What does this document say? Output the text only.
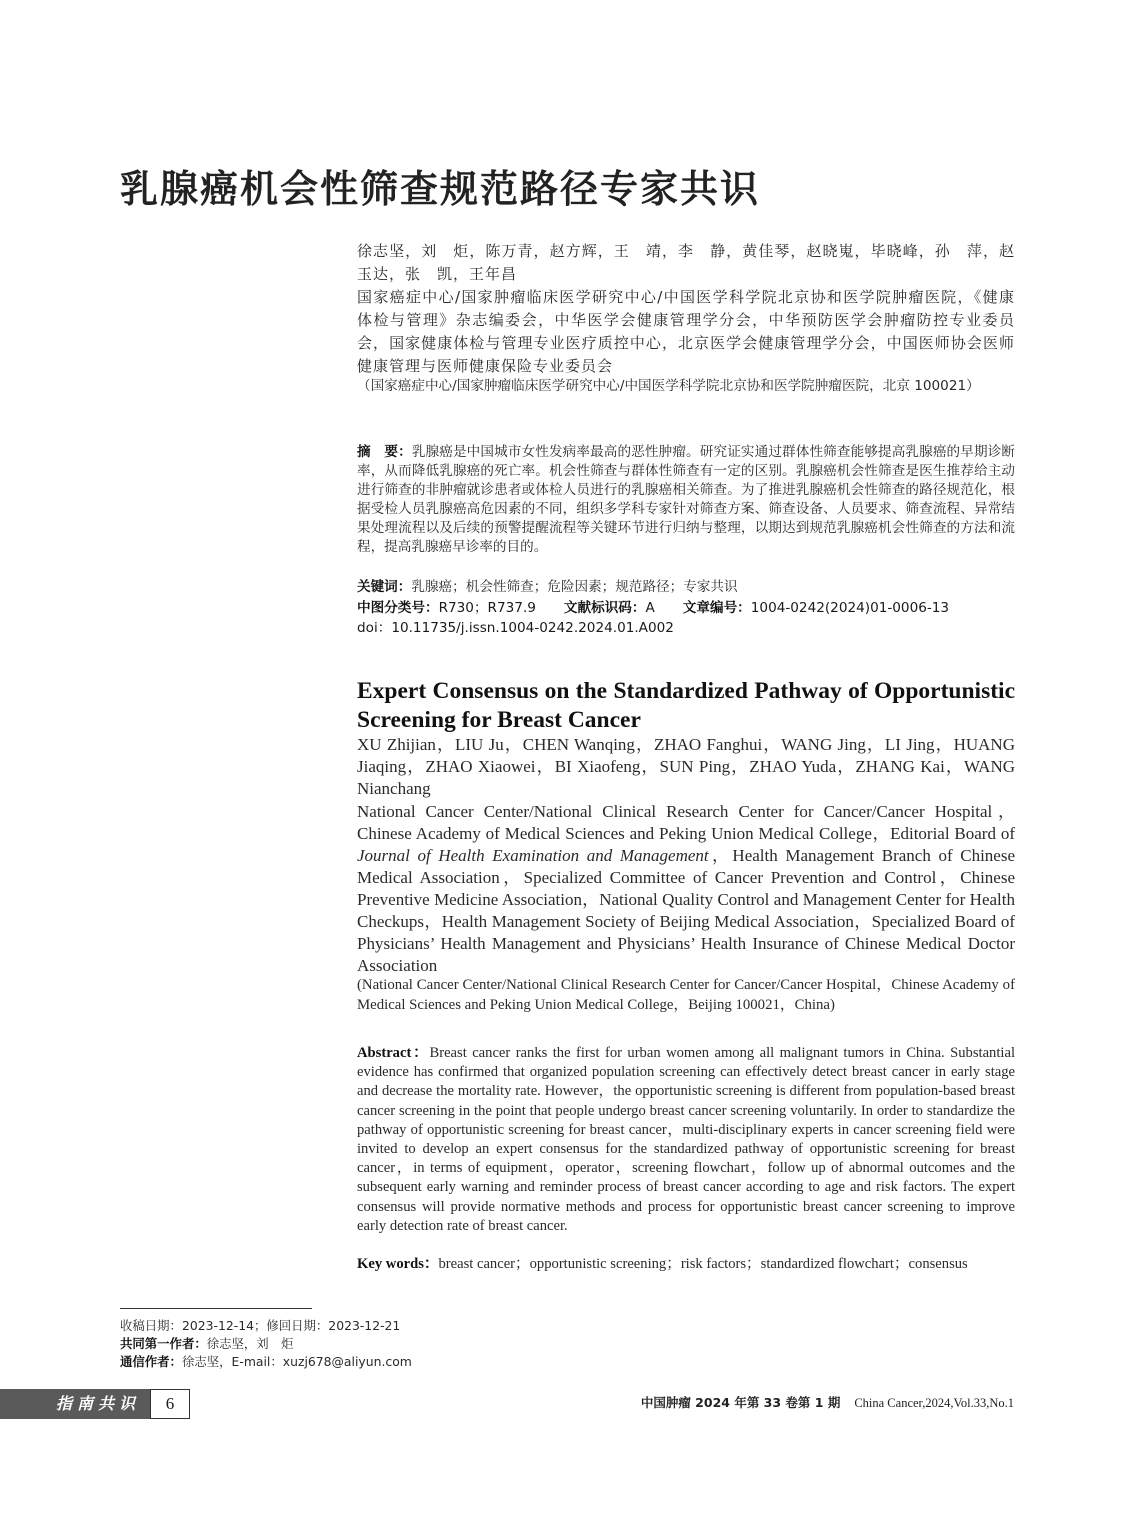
乳腺癌机会性筛查规范路径专家共识
徐志坚，刘　炬，陈万青，赵方辉，王　靖，李　静，黄佳琴，赵晓嵬，毕晓峰，孙　萍，赵玉达，张　凯，王年昌
国家癌症中心/国家肿瘤临床医学研究中心/中国医学科学院北京协和医学院肿瘤医院，《健康体检与管理》杂志编委会，中华医学会健康管理学分会，中华预防医学会肿瘤防控专业委员会，国家健康体检与管理专业医疗质控中心，北京医学会健康管理学分会，中国医师协会医师健康管理与医师健康保险专业委员会
（国家癌症中心/国家肿瘤临床医学研究中心/中国医学科学院北京协和医学院肿瘤医院，北京 100021）
摘　要：乳腺癌是中国城市女性发病率最高的恶性肿瘤。研究证实通过群体性筛查能够提高乳腺癌的早期诊断率，从而降低乳腺癌的死亡率。机会性筛查与群体性筛查有一定的区别。乳腺癌机会性筛查是医生推荐给主动进行筛查的非肿瘤就诊患者或体检人员进行的乳腺癌相关筛查。为了推进乳腺癌机会性筛查的路径规范化，根据受检人员乳腺癌高危因素的不同，组织多学科专家针对筛查方案、筛查设备、人员要求、筛查流程、异常结果处理流程以及后续的预警提醒流程等关键环节进行归纳与整理，以期达到规范乳腺癌机会性筛查的方法和流程，提高乳腺癌早诊率的目的。
关键词：乳腺癌；机会性筛查；危险因素；规范路径；专家共识
中图分类号：R730；R737.9 文献标识码：A 文章编号：1004-0242(2024)01-0006-13
doi：10.11735/j.issn.1004-0242.2024.01.A002
Expert Consensus on the Standardized Pathway of Opportunistic Screening for Breast Cancer
XU Zhijian，LIU Ju，CHEN Wanqing，ZHAO Fanghui，WANG Jing，LI Jing，HUANG Jiaqing，ZHAO Xiaowei，BI Xiaofeng，SUN Ping，ZHAO Yuda，ZHANG Kai，WANG Nianchang
National Cancer Center/National Clinical Research Center for Cancer/Cancer Hospital，Chinese Academy of Medical Sciences and Peking Union Medical College，Editorial Board of Journal of Health Examination and Management，Health Management Branch of Chinese Medical Association，Specialized Committee of Cancer Prevention and Control，Chinese Preventive Medicine Association，National Quality Control and Management Center for Health Checkups，Health Management Society of Beijing Medical Association，Specialized Board of Physicians’ Health Management and Physicians’ Health Insurance of Chinese Medical Doctor Association
(National Cancer Center/National Clinical Research Center for Cancer/Cancer Hospital，Chinese Academy of Medical Sciences and Peking Union Medical College，Beijing 100021，China)
Abstract：Breast cancer ranks the first for urban women among all malignant tumors in China. Substantial evidence has confirmed that organized population screening can effectively detect breast cancer in early stage and decrease the mortality rate. However，the opportunistic screening is different from population-based breast cancer screening in the point that people undergo breast cancer screening voluntarily. In order to standardize the pathway of opportunistic screening for breast cancer，multi-disciplinary experts in cancer screening field were invited to develop an expert consensus for the standardized pathway of opportunistic screening for breast cancer，in terms of equipment，operator，screening flowchart，follow up of abnormal outcomes and the subsequent early warning and reminder process of breast cancer according to age and risk factors. The expert consensus will provide normative methods and process for opportunistic breast cancer screening to improve early detection rate of breast cancer.
Key words：breast cancer；opportunistic screening；risk factors；standardized flowchart；consensus
收稿日期：2023-12-14；修回日期：2023-12-21
共同第一作者：徐志坚，刘　炬
通信作者：徐志坚，E-mail：xuzj678@aliyun.com
指南共识	6	中国肿瘤 2024 年第 33 卷第 1 期 China Cancer,2024,Vol.33,No.1
